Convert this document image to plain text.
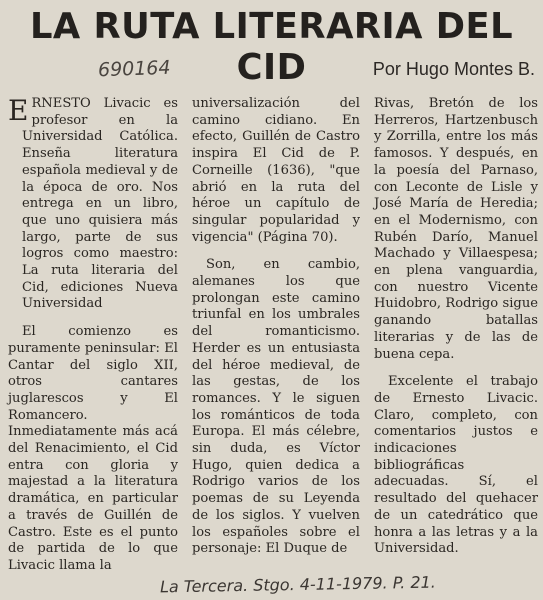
LA RUTA LITERARIA DEL CID
690164	Por Hugo Montes B.

ERNESTO Livacic es profesor en la Universidad Católica. Enseña literatura española medieval y de la época de oro. Nos entrega en un libro, que uno quisiera más largo, parte de sus logros como maestro: La ruta literaria del Cid, ediciones Nueva Universidad

El comienzo es puramente peninsular: El Cantar del siglo XII, otros cantares juglarescos y El Romancero. Inmediatamente más acá del Renacimiento, el Cid entra con gloria y majestad a la literatura dramática, en particular a través de Guillén de Castro. Este es el punto de partida de lo que Livacic llama la

universalización del camino cidiano. En efecto, Guillén de Castro inspira El Cid de P. Corneille (1636), "que abrió en la ruta del héroe un capítulo de singular popularidad y vigencia" (Página 70).

Son, en cambio, alemanes los que prolongan este camino triunfal en los umbrales del romanticismo. Herder es un entusiasta del héroe medieval, de las gestas, de los romances. Y le siguen los románticos de toda Europa. El más célebre, sin duda, es Víctor Hugo, quien dedica a Rodrigo varios de los poemas de su Leyenda de los siglos. Y vuelven los españoles sobre el personaje: El Duque de

Rivas, Bretón de los Herreros, Hartzenbusch y Zorrilla, entre los más famosos. Y después, en la poesía del Parnaso, con Leconte de Lisle y José María de Heredia; en el Modernismo, con Rubén Darío, Manuel Machado y Villaespesa; en plena vanguardia, con nuestro Vicente Huidobro, Rodrigo sigue ganando batallas literarias y de las de buena cepa.

Excelente el trabajo de Ernesto Livacic. Claro, completo, con comentarios justos e indicaciones bibliográficas adecuadas. Sí, el resultado del quehacer de un catedrático que honra a las letras y a la Universidad.

La Tercera. Stgo. 4-11-1979. P. 21.
